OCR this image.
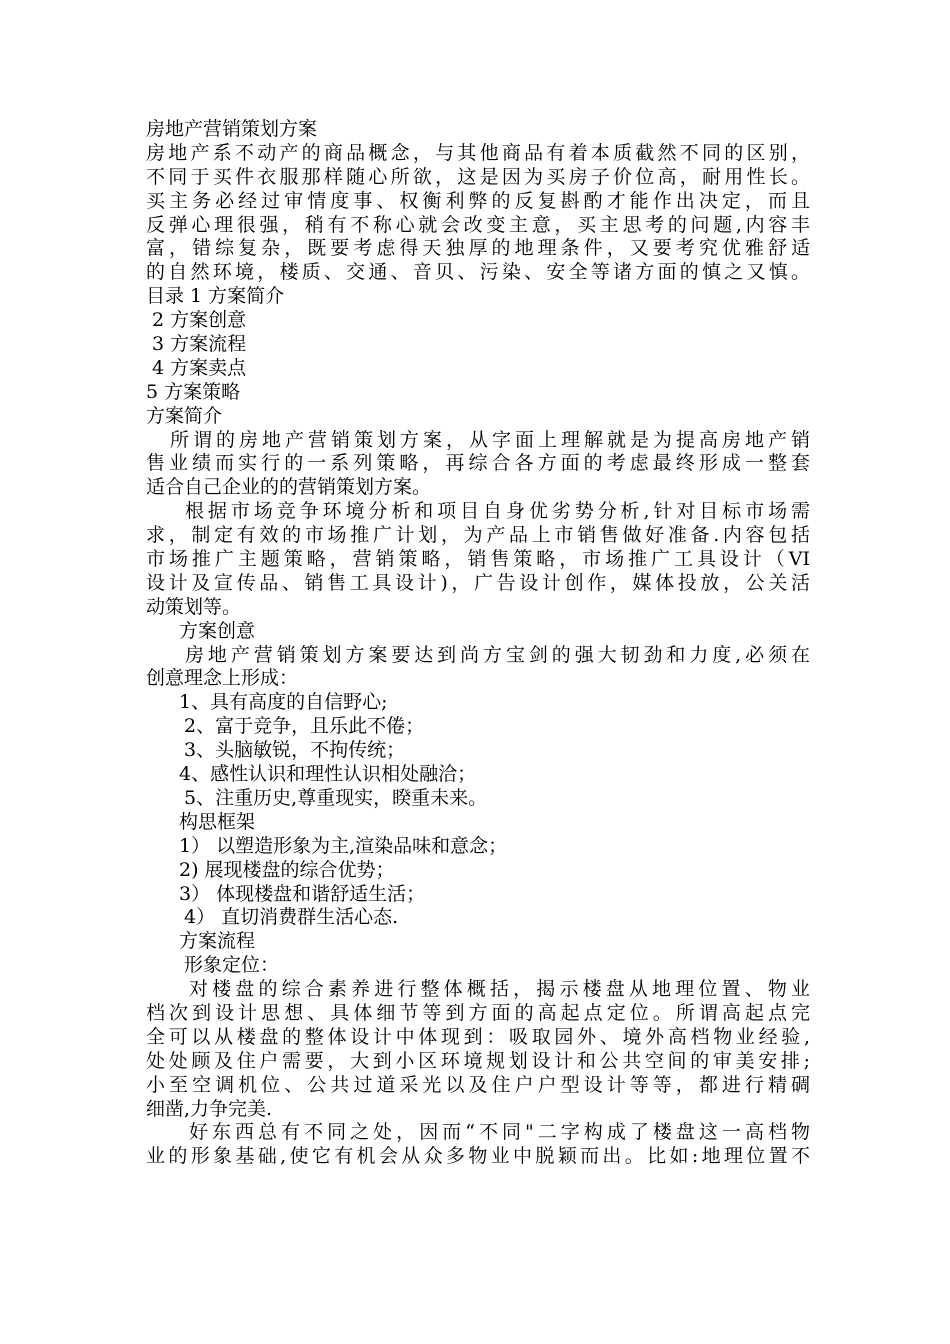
房地产营销策划方案
房地产系不动产的商品概念，与其他商品有着本质截然不同的区别，
不同于买件衣服那样随心所欲，这是因为买房子价位高，耐用性长。
买主务必经过审情度事、权衡利弊的反复斟酌才能作出决定，而且
反弹心理很强，稍有不称心就会改变主意，买主思考的问题,内容丰
富，错综复杂，既要考虑得天独厚的地理条件，又要考究优雅舒适
的自然环境，楼质、交通、音贝、污染、安全等诸方面的慎之又慎。
目录 1 方案简介
2 方案创意
3 方案流程
4 方案卖点
5 方案策略
方案简介
所谓的房地产营销策划方案，从字面上理解就是为提高房地产销
售业绩而实行的一系列策略，再综合各方面的考虑最终形成一整套
适合自己企业的的营销策划方案。
根据市场竞争环境分析和项目自身优劣势分析,针对目标市场需
求，制定有效的市场推广计划，为产品上市销售做好准备.内容包括
市场推广主题策略，营销策略，销售策略，市场推广工具设计（VI
设计及宣传品、销售工具设计)，广告设计创作，媒体投放，公关活
动策划等。
方案创意
房地产营销策划方案要达到尚方宝剑的强大韧劲和力度,必须在
创意理念上形成：
1、具有高度的自信野心;
2、富于竞争，且乐此不倦；
3、头脑敏锐，不拘传统；
4、感性认识和理性认识相处融洽；
5、注重历史,尊重现实，睽重未来。
构思框架
1） 以塑造形象为主,渲染品味和意念；
2) 展现楼盘的综合优势；
3） 体现楼盘和谐舒适生活；
4） 直切消费群生活心态.
方案流程
形象定位：
对楼盘的综合素养进行整体概括，揭示楼盘从地理位置、物业
档次到设计思想、具体细节等到方面的高起点定位。所谓高起点完
全可以从楼盘的整体设计中体现到：吸取园外、境外高档物业经验,
处处顾及住户需要，大到小区环境规划设计和公共空间的审美安排;
小至空调机位、公共过道采光以及住户户型设计等等，都进行精碉
细凿,力争完美.
好东西总有不同之处，因而“不同"二字构成了楼盘这一高档物
业的形象基础,使它有机会从众多物业中脱颖而出。比如:地理位置不
